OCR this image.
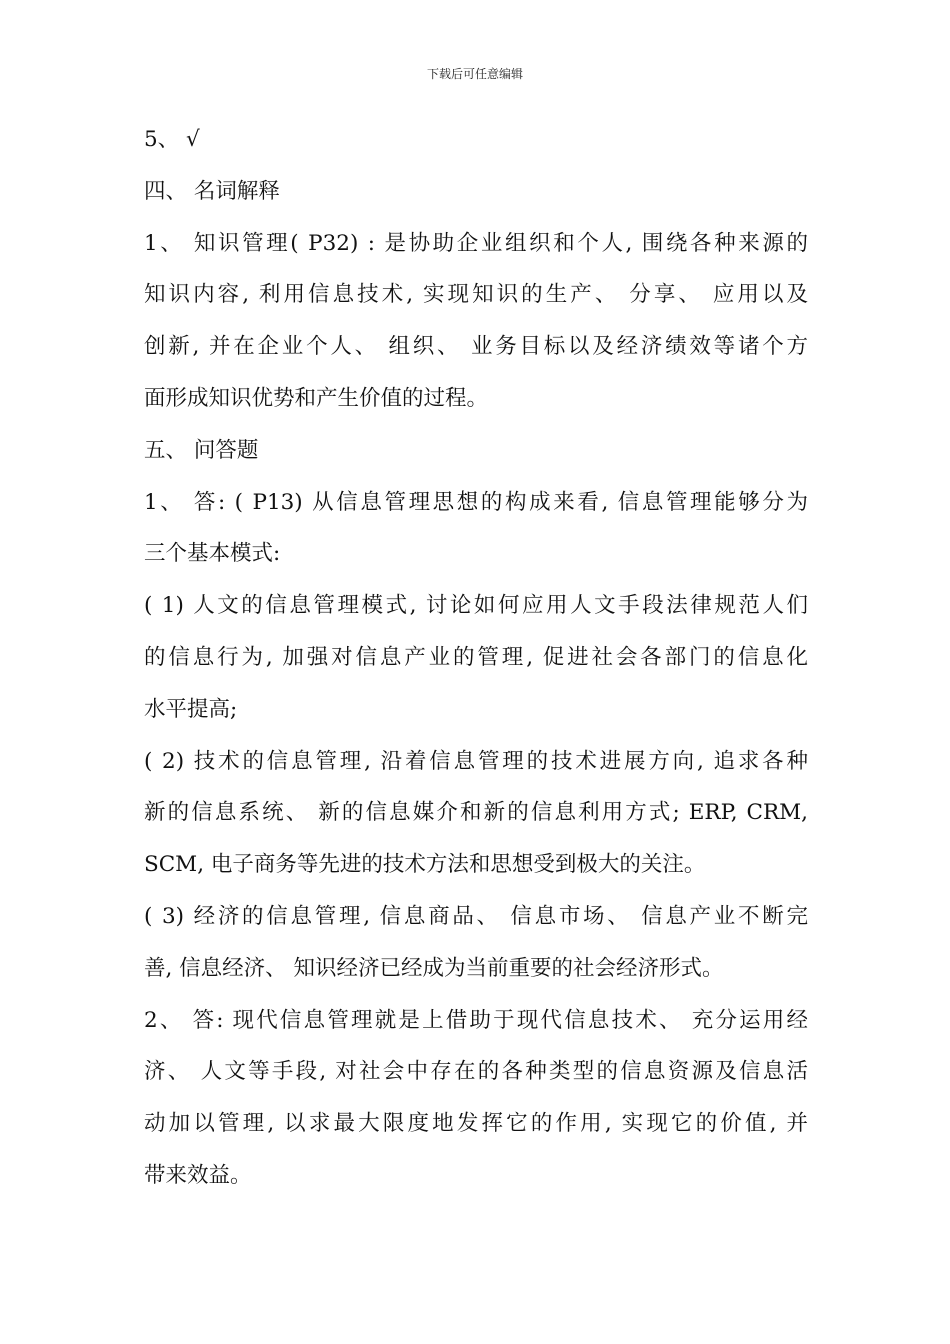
下载后可任意编辑
5、 √
四、 名词解释
1、 知识管理( P32) : 是协助企业组织和个人, 围绕各种来源的
知识内容, 利用信息技术, 实现知识的生产、 分享、 应用以及
创新, 并在企业个人、 组织、 业务目标以及经济绩效等诸个方
面形成知识优势和产生价值的过程。
五、 问答题
1、 答: ( P13) 从信息管理思想的构成来看, 信息管理能够分为
三个基本模式:
( 1) 人文的信息管理模式, 讨论如何应用人文手段法律规范人们
的信息行为, 加强对信息产业的管理, 促进社会各部门的信息化
水平提高;
( 2) 技术的信息管理, 沿着信息管理的技术进展方向, 追求各种
新的信息系统、 新的信息媒介和新的信息利用方式; ERP, CRM,
SCM, 电子商务等先进的技术方法和思想受到极大的关注。
( 3) 经济的信息管理, 信息商品、 信息市场、 信息产业不断完
善, 信息经济、 知识经济已经成为当前重要的社会经济形式。
2、 答: 现代信息管理就是上借助于现代信息技术、 充分运用经
济、 人文等手段, 对社会中存在的各种类型的信息资源及信息活
动加以管理, 以求最大限度地发挥它的作用, 实现它的价值, 并
带来效益。
